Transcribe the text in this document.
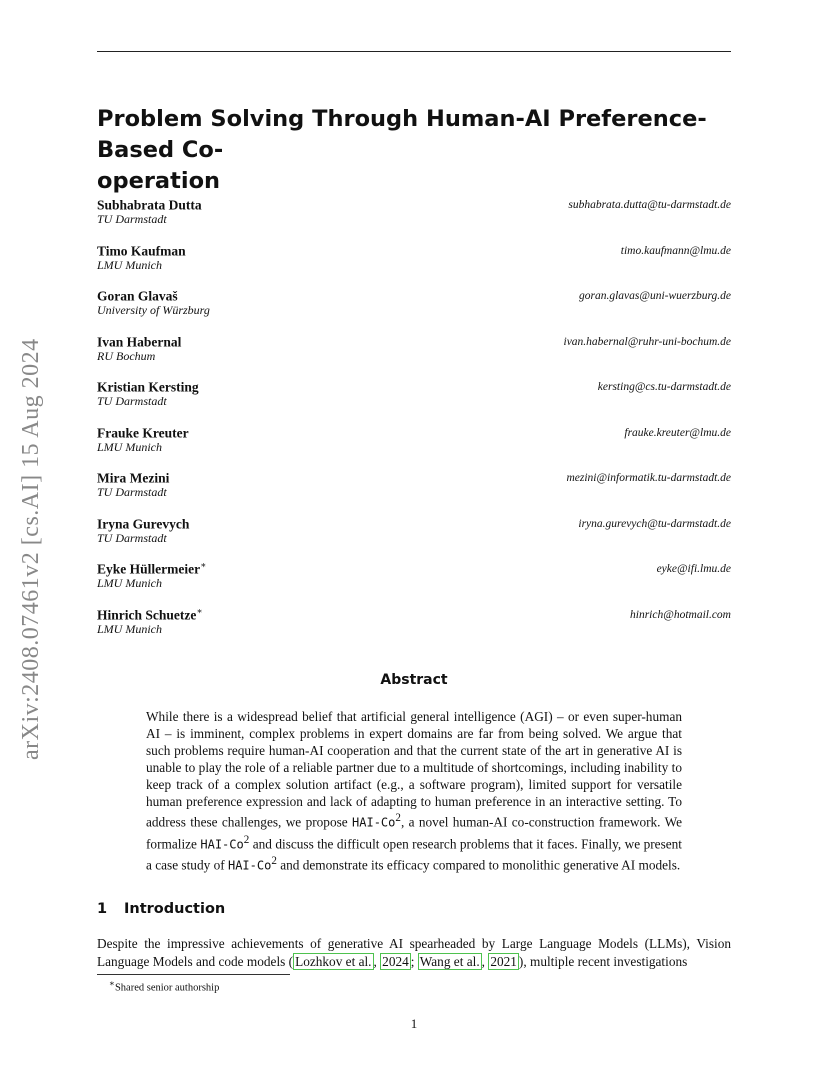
arXiv:2408.07461v2 [cs.AI] 15 Aug 2024
Problem Solving Through Human-AI Preference-Based Co-
operation
Subhabrata Dutta
TU Darmstadt
subhabrata.dutta@tu-darmstadt.de
Timo Kaufman
LMU Munich
timo.kaufmann@lmu.de
Goran Glavaš
University of Würzburg
goran.glavas@uni-wuerzburg.de
Ivan Habernal
RU Bochum
ivan.habernal@ruhr-uni-bochum.de
Kristian Kersting
TU Darmstadt
kersting@cs.tu-darmstadt.de
Frauke Kreuter
LMU Munich
frauke.kreuter@lmu.de
Mira Mezini
TU Darmstadt
mezini@informatik.tu-darmstadt.de
Iryna Gurevych
TU Darmstadt
iryna.gurevych@tu-darmstadt.de
Eyke Hüllermeier∗
LMU Munich
eyke@ifi.lmu.de
Hinrich Schuetze∗
LMU Munich
hinrich@hotmail.com
Abstract

While there is a widespread belief that artificial general intelligence (AGI) – or even super-human AI – is imminent, complex problems in expert domains are far from being solved. We argue that such problems require human-AI cooperation and that the current state of the art in generative AI is unable to play the role of a reliable partner due to a multitude of shortcomings, including inability to keep track of a complex solution artifact (e.g., a software program), limited support for versatile human preference expression and lack of adapting to human preference in an interactive setting. To address these challenges, we propose HAI-Co$^2$, a novel human-AI co-construction framework. We formalize HAI-Co$^2$ and discuss the difficult open research problems that it faces. Finally, we present a case study of HAI-Co$^2$ and demonstrate its efficacy compared to monolithic generative AI models.

1 Introduction

Despite the impressive achievements of generative AI spearheaded by Large Language Models (LLMs), Vision Language Models and code models ( Lozhkov et al. , 2024 ; Wang et al. , 2021 ), multiple recent investigations

∗Shared senior authorship
1
